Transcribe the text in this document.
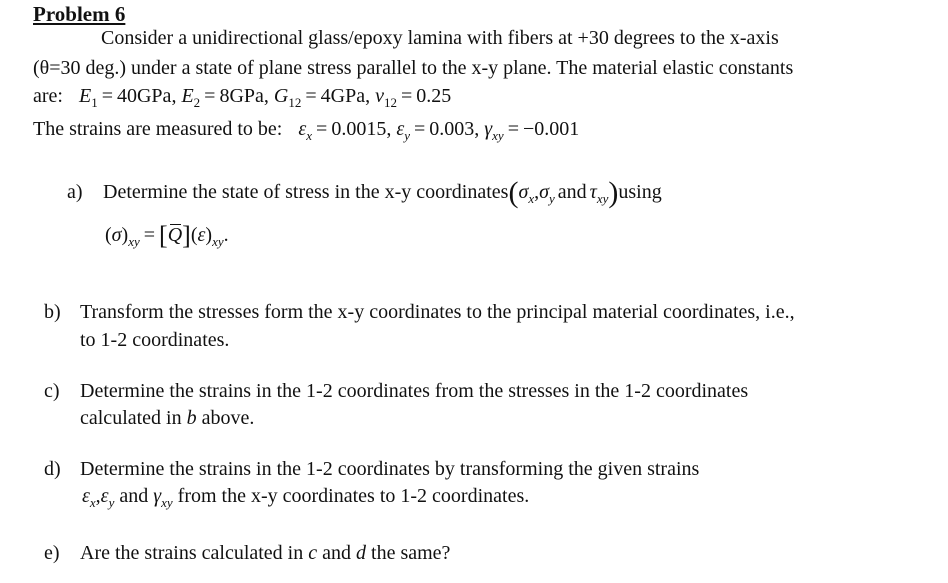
Problem 6
Consider a unidirectional glass/epoxy lamina with fibers at +30 degrees to the x-axis
(θ=30 deg.) under a state of plane stress parallel to the x-y plane. The material elastic constants
are: $E_1 = 40GPa$, $E_2 = 8GPa$, $G_{12} = 4GPa$, $\nu_{12} = 0.25$
The strains are measured to be: $\varepsilon_x = 0.0015$, $\varepsilon_y = 0.003$, $\gamma_{xy} = -0.001$
a) Determine the state of stress in the x-y $coordinates(\sigma_x,\sigma_y$ and $\tau_{xy})using$
$(\sigma)_{xy} = [Q](\varepsilon)_{xy}$.
b) Transform the stresses form the x-y coordinates to the principal material coordinates, i.e.,
to 1-2 coordinates.
c) Determine the strains in the 1-2 coordinates from the stresses in the 1-2 coordinates
calculated in b above.
d) Determine the strains in the 1-2 coordinates by transforming the given strains
$\varepsilon_x,\varepsilon_y$ and $\gamma_{xy}$ from the x-y coordinates to 1-2 coordinates.
e) Are the strains calculated in c and d the same?
